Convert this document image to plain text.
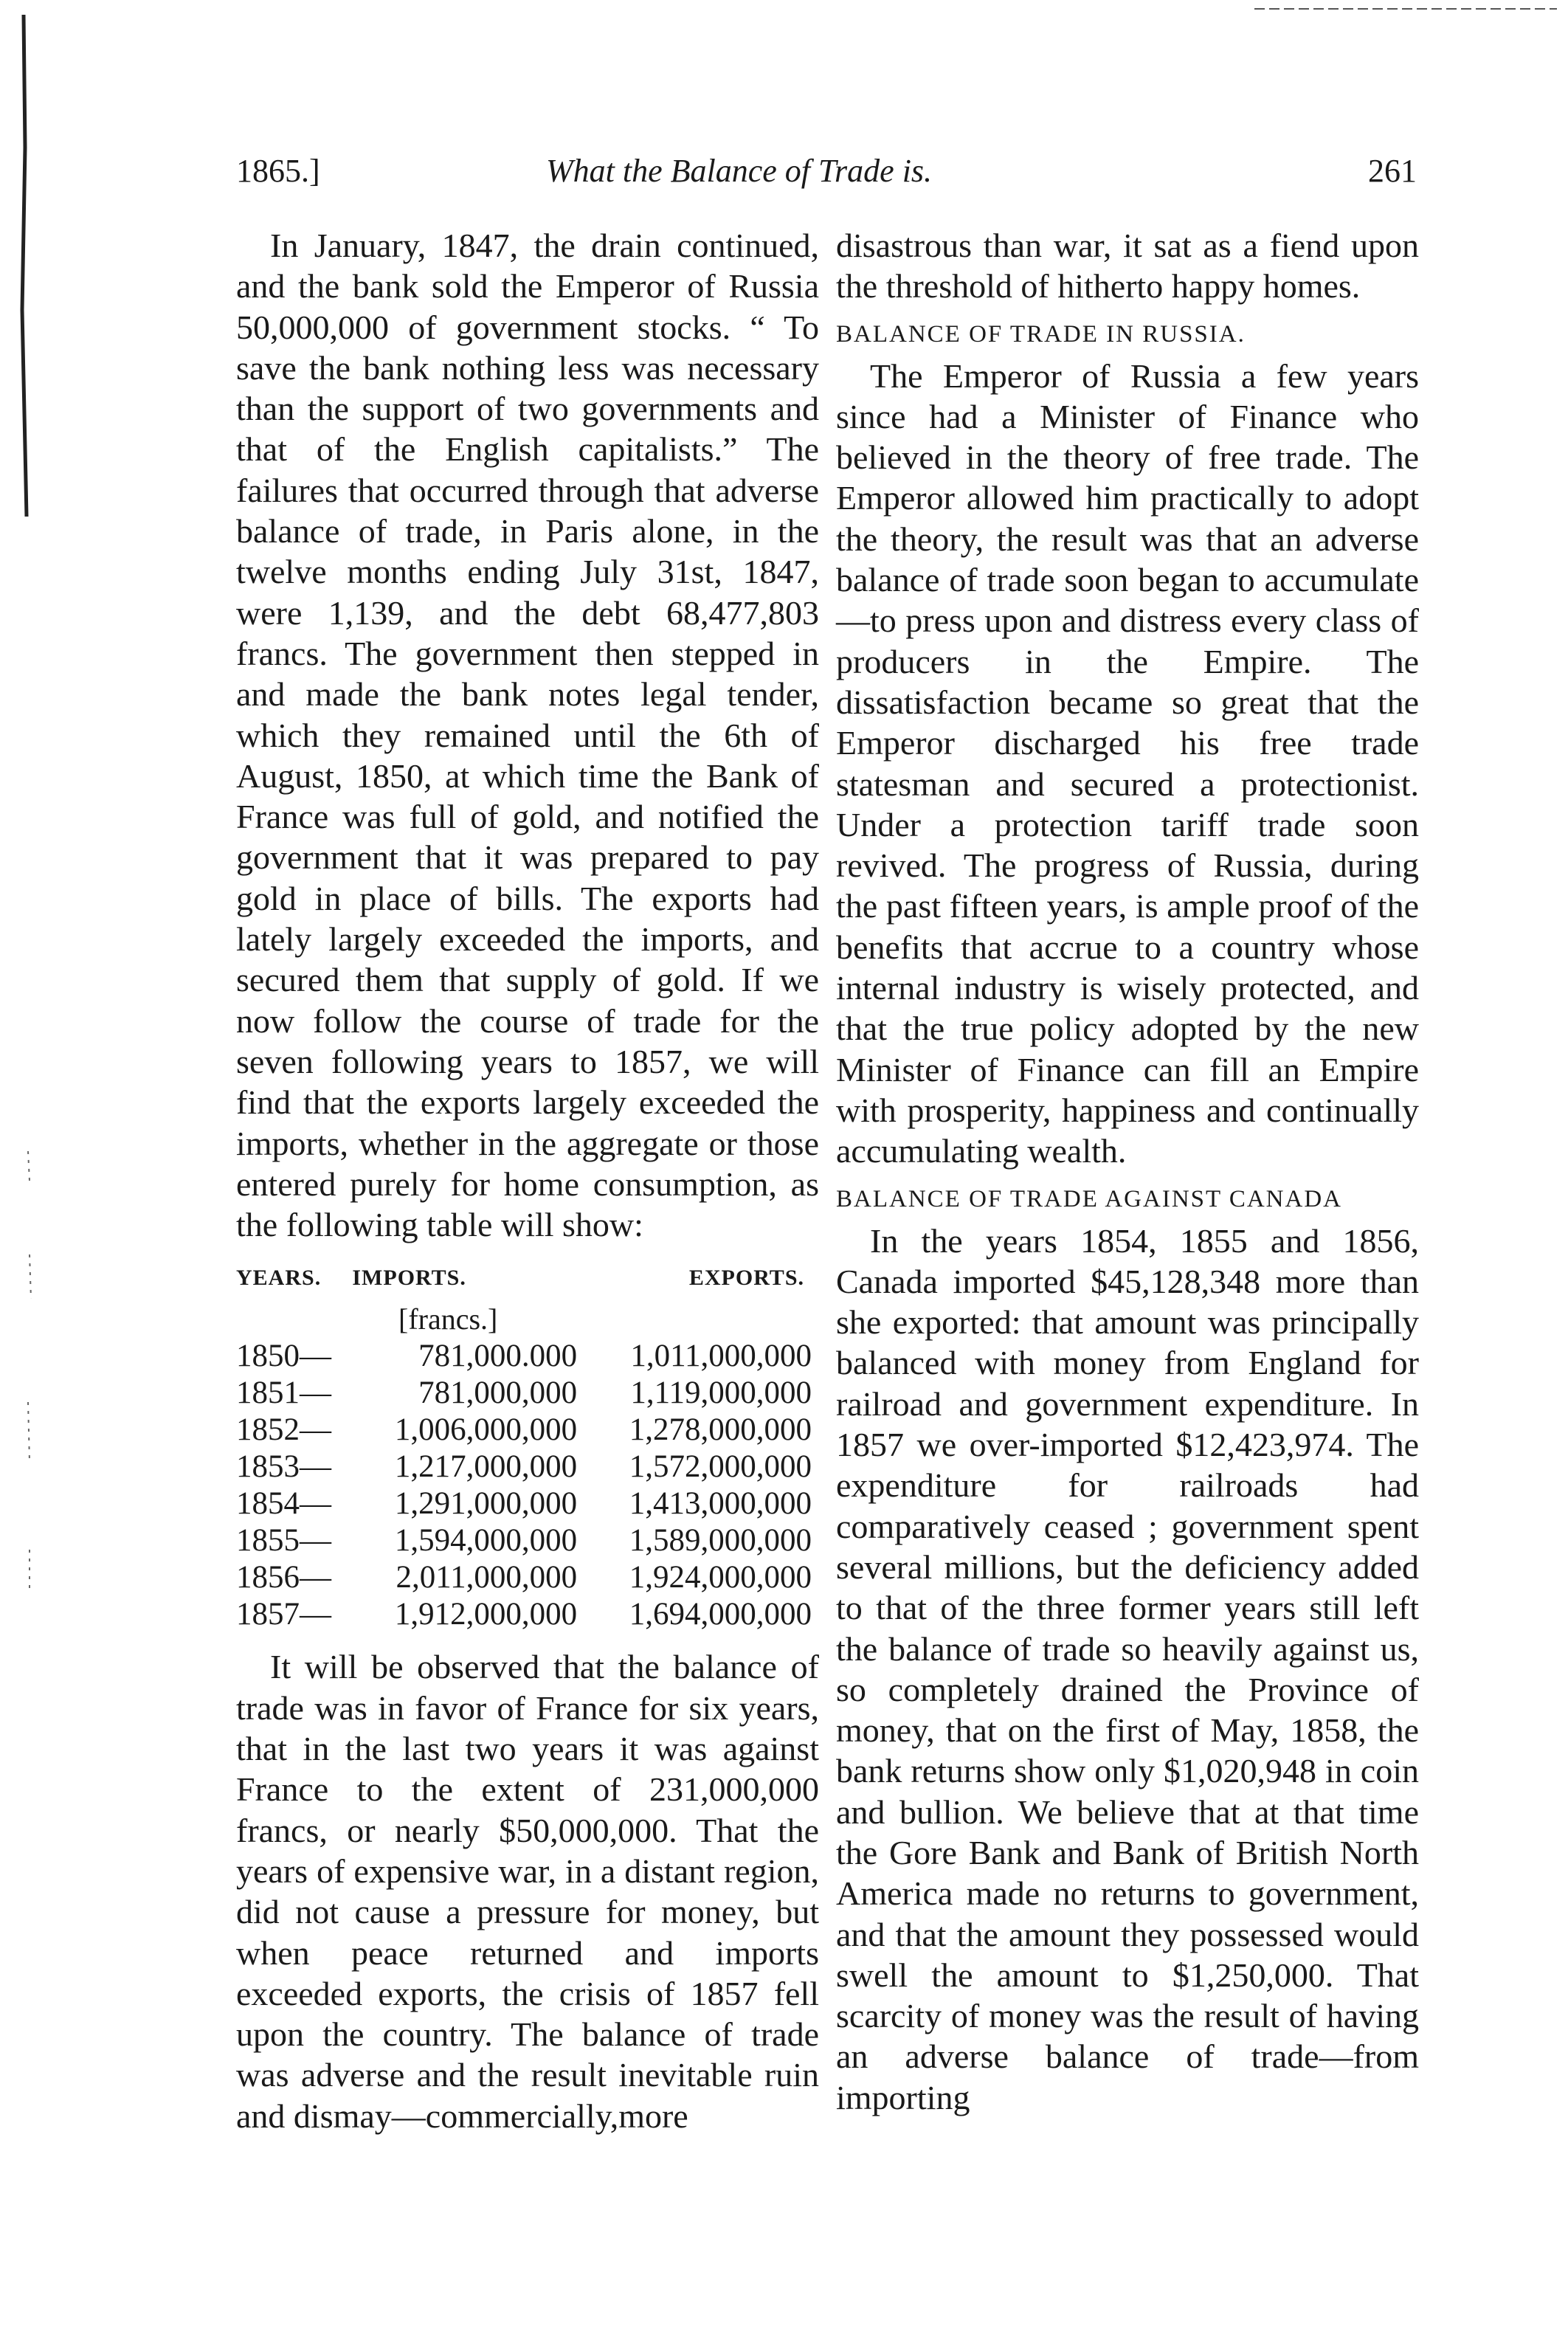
1865.]	What the Balance of Trade is.	261

In January, 1847, the drain continued, and the bank sold the Emperor of Russia 50,000,000 of government stocks. “ To save the bank nothing less was necessary than the support of two governments and that of the English capitalists.” The failures that occurred through that adverse balance of trade, in Paris alone, in the twelve months ending July 31st, 1847, were 1,139, and the debt 68,477,803 francs. The government then stepped in and made the bank notes legal tender, which they remained until the 6th of August, 1850, at which time the Bank of France was full of gold, and notified the government that it was prepared to pay gold in place of bills. The exports had lately largely exceeded the imports, and secured them that supply of gold. If we now follow the course of trade for the seven following years to 1857, we will find that the exports largely exceeded the imports, whether in the aggregate or those entered purely for home consumption, as the following table will show:

YEARS.	IMPORTS.	EXPORTS.
[francs.]		
1850—	781,000.000	1,011,000,000
1851—	781,000,000	1,119,000,000
1852—	1,006,000,000	1,278,000,000
1853—	1,217,000,000	1,572,000,000
1854—	1,291,000,000	1,413,000,000
1855—	1,594,000,000	1,589,000,000
1856—	2,011,000,000	1,924,000,000
1857—	1,912,000,000	1,694,000,000

It will be observed that the balance of trade was in favor of France for six years, that in the last two years it was against France to the extent of 231,000,000 francs, or nearly $50,000,000. That the years of expensive war, in a distant region, did not cause a pressure for money, but when peace returned and imports exceeded exports, the crisis of 1857 fell upon the country. The balance of trade was adverse and the result inevitable ruin and dismay—commercially,more

disastrous than war, it sat as a fiend upon the threshold of hitherto happy homes.

BALANCE OF TRADE IN RUSSIA.

The Emperor of Russia a few years since had a Minister of Finance who believed in the theory of free trade. The Emperor allowed him practically to adopt the theory, the result was that an adverse balance of trade soon began to accumulate—to press upon and distress every class of producers in the Empire. The dissatisfaction became so great that the Emperor discharged his free trade statesman and secured a protectionist. Under a protection tariff trade soon revived. The progress of Russia, during the past fifteen years, is ample proof of the benefits that accrue to a country whose internal industry is wisely protected, and that the true policy adopted by the new Minister of Finance can fill an Empire with prosperity, happiness and continually accumulating wealth.

BALANCE OF TRADE AGAINST CANADA

In the years 1854, 1855 and 1856, Canada imported $45,128,348 more than she exported: that amount was principally balanced with money from England for railroad and government expenditure. In 1857 we over-imported $12,423,974. The expenditure for railroads had comparatively ceased ; government spent several millions, but the deficiency added to that of the three former years still left the balance of trade so heavily against us, so completely drained the Province of money, that on the first of May, 1858, the bank returns show only $1,020,948 in coin and bullion. We believe that at that time the Gore Bank and Bank of British North America made no returns to government, and that the amount they possessed would swell the amount to $1,250,000. That scarcity of money was the result of having an adverse balance of trade—from importing
